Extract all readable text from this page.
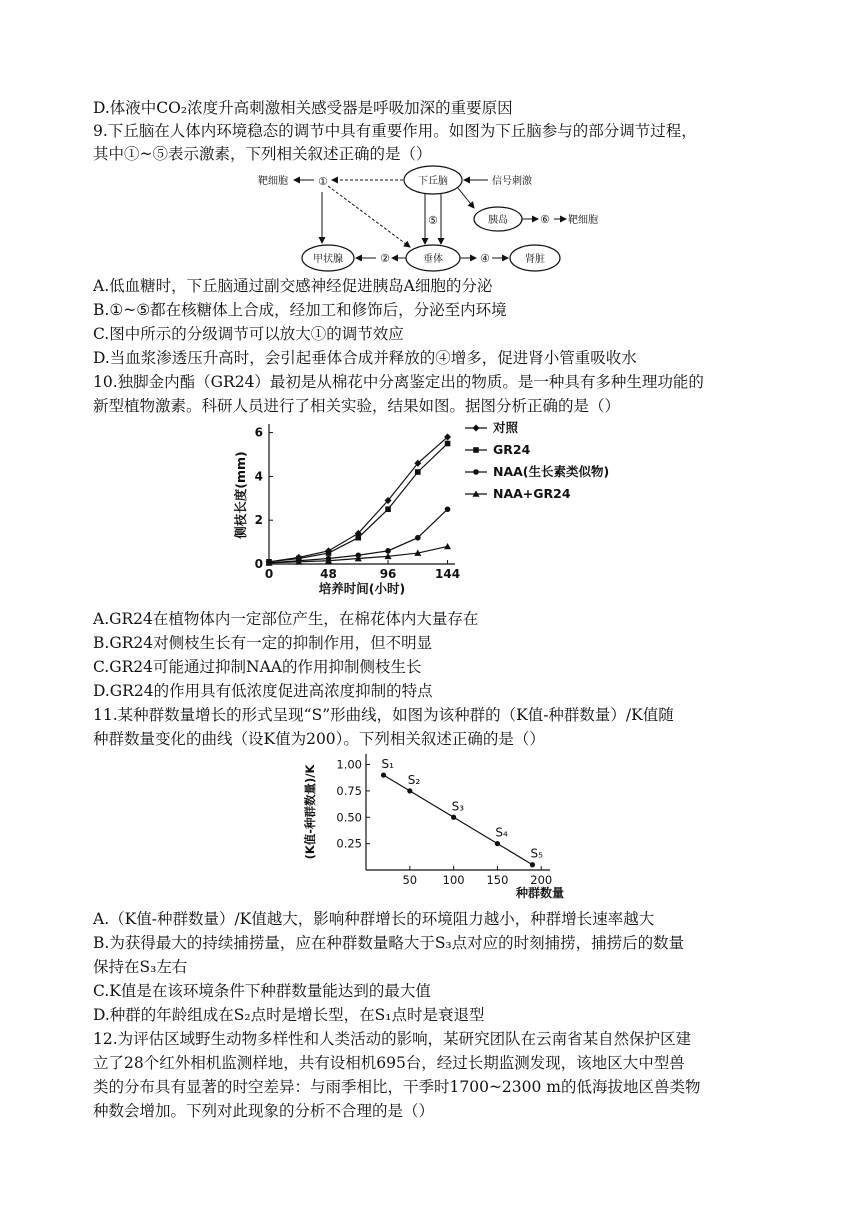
D.体液中CO₂浓度升高刺激相关感受器是呼吸加深的重要原因
9.下丘脑在人体内环境稳态的调节中具有重要作用。如图为下丘脑参与的部分调节过程，
其中①~⑤表示激素，下列相关叙述正确的是（）
靶细胞	①	下丘脑	信号刺激
⑤	胰岛	⑥ 靶细胞
甲状腺	②	垂体	④	肾脏
A.低血糖时，下丘脑通过副交感神经促进胰岛A细胞的分泌
B.①~⑤都在核糖体上合成，经加工和修饰后，分泌至内环境
C.图中所示的分级调节可以放大①的调节效应
D.当血浆渗透压升高时，会引起垂体合成并释放的④增多，促进肾小管重吸收水
10.独脚金内酯（GR24）最初是从棉花中分离鉴定出的物质。是一种具有多种生理功能的
新型植物激素。科研人员进行了相关实验，结果如图。据图分析正确的是（）
0
2
4
6
0	48	96	144
培养时间(小时)
侧枝长度(mm)
对照
GR24
NAA(生长素类似物)
NAA+GR24
A.GR24在植物体内一定部位产生，在棉花体内大量存在
B.GR24对侧枝生长有一定的抑制作用，但不明显
C.GR24可能通过抑制NAA的作用抑制侧枝生长
D.GR24的作用具有低浓度促进高浓度抑制的特点
11.某种群数量增长的形式呈现“S”形曲线，如图为该种群的（K值-种群数量）/K值随
种群数量变化的曲线（设K值为200）。下列相关叙述正确的是（）
0.25
0.50
0.75
1.00
50 100 150 200
种群数量
(K值-种群数量)/K
S₁
S₂
S₃
S₄
S₅
A.（K值-种群数量）/K值越大，影响种群增长的环境阻力越小，种群增长速率越大
B.为获得最大的持续捕捞量，应在种群数量略大于S₃点对应的时刻捕捞，捕捞后的数量
保持在S₃左右
C.K值是在该环境条件下种群数量能达到的最大值
D.种群的年龄组成在S₂点时是增长型，在S₁点时是衰退型
12.为评估区域野生动物多样性和人类活动的影响，某研究团队在云南省某自然保护区建
立了28个红外相机监测样地，共有设相机695台，经过长期监测发现，该地区大中型兽
类的分布具有显著的时空差异：与雨季相比，干季时1700~2300 m的低海拔地区兽类物
种数会增加。下列对此现象的分析不合理的是（）
